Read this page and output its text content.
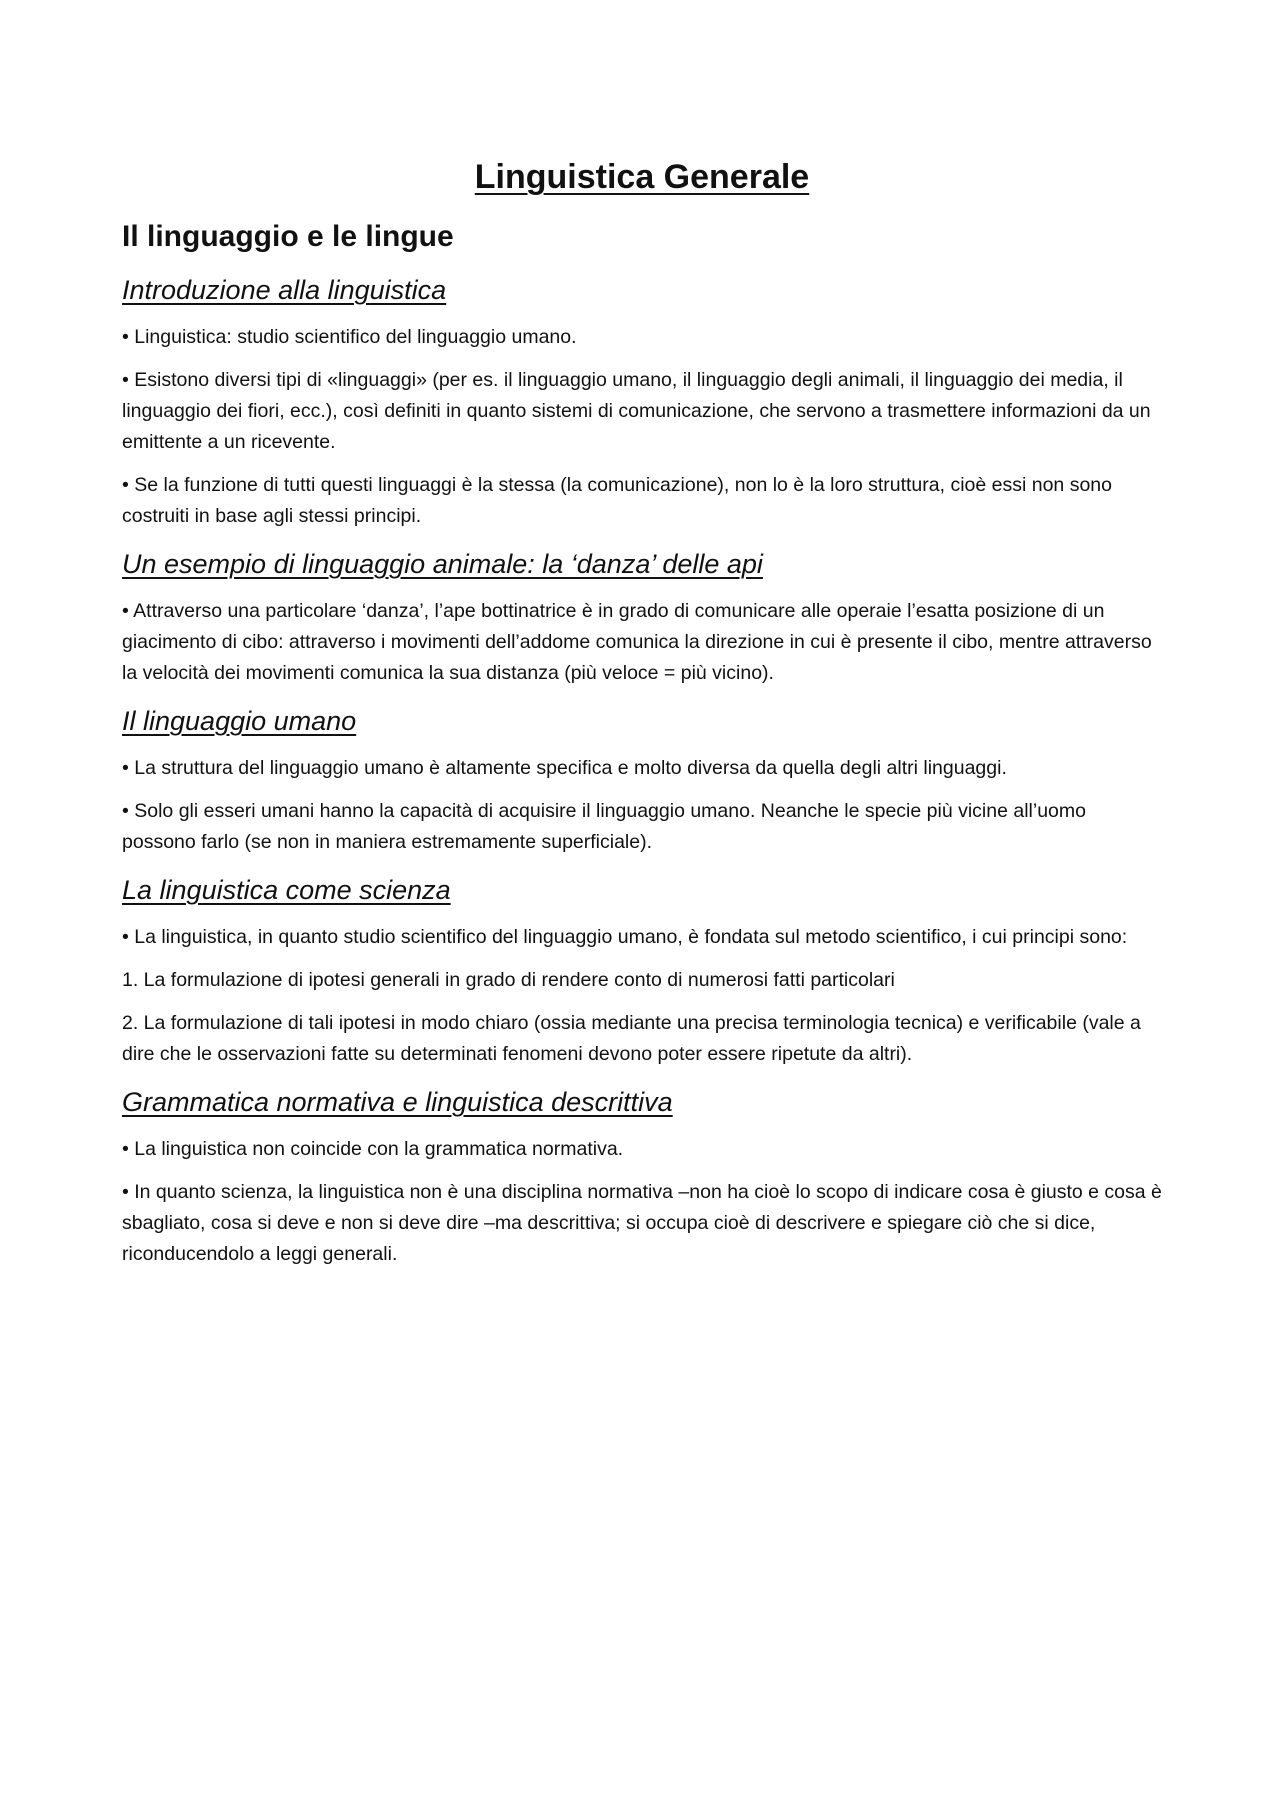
Linguistica Generale
Il linguaggio e le lingue
Introduzione alla linguistica

• Linguistica: studio scientifico del linguaggio umano.

• Esistono diversi tipi di «linguaggi» (per es. il linguaggio umano, il linguaggio degli animali, il linguaggio dei media, il linguaggio dei fiori, ecc.), così definiti in quanto sistemi di comunicazione, che servono a trasmettere informazioni da un emittente a un ricevente.

• Se la funzione di tutti questi linguaggi è la stessa (la comunicazione), non lo è la loro struttura, cioè essi non sono costruiti in base agli stessi principi.

Un esempio di linguaggio animale: la ‘danza’ delle api

• Attraverso una particolare ‘danza’, l’ape bottinatrice è in grado di comunicare alle operaie l’esatta posizione di un giacimento di cibo: attraverso i movimenti dell’addome comunica la direzione in cui è presente il cibo, mentre attraverso la velocità dei movimenti comunica la sua distanza (più veloce = più vicino).

Il linguaggio umano

• La struttura del linguaggio umano è altamente specifica e molto diversa da quella degli altri linguaggi.

• Solo gli esseri umani hanno la capacità di acquisire il linguaggio umano. Neanche le specie più vicine all’uomo possono farlo (se non in maniera estremamente superficiale).

La linguistica come scienza

• La linguistica, in quanto studio scientifico del linguaggio umano, è fondata sul metodo scientifico, i cui principi sono:

1. La formulazione di ipotesi generali in grado di rendere conto di numerosi fatti particolari

2. La formulazione di tali ipotesi in modo chiaro (ossia mediante una precisa terminologia tecnica) e verificabile (vale a dire che le osservazioni fatte su determinati fenomeni devono poter essere ripetute da altri).

Grammatica normativa e linguistica descrittiva

• La linguistica non coincide con la grammatica normativa.

• In quanto scienza, la linguistica non è una disciplina normativa –non ha cioè lo scopo di indicare cosa è giusto e cosa è sbagliato, cosa si deve e non si deve dire –ma descrittiva; si occupa cioè di descrivere e spiegare ciò che si dice, riconducendolo a leggi generali.
